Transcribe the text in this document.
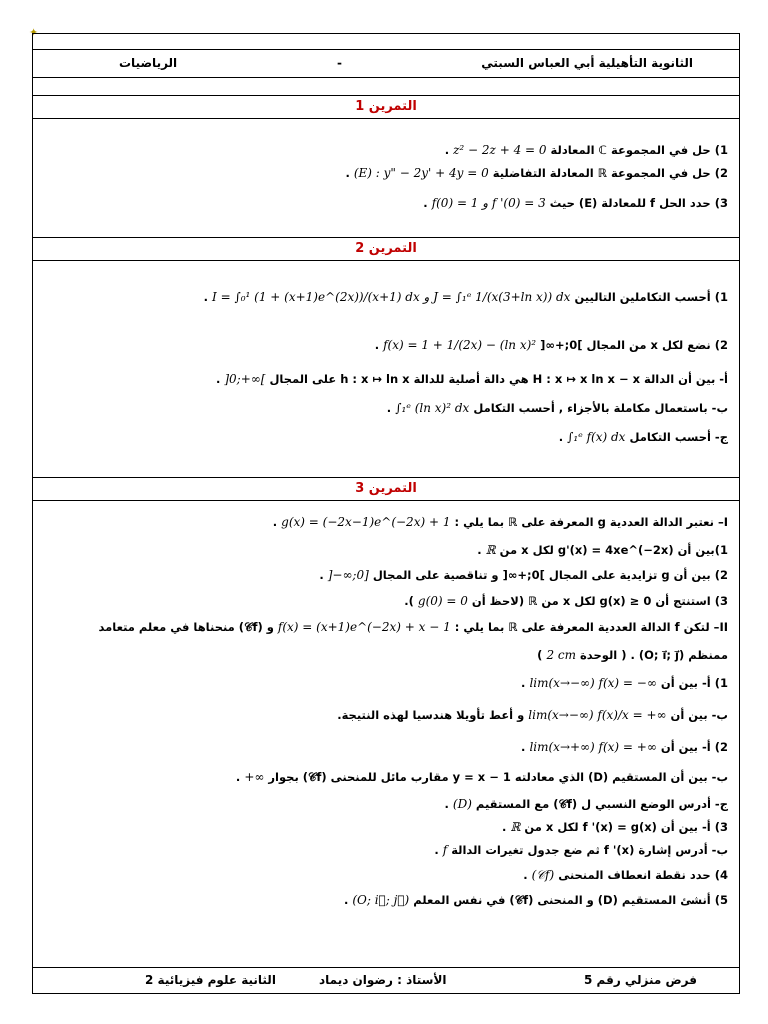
✦
الرياضيات	-	الثانوية التأهيلية أبي العباس السبتي
التمرين 1
1) حل في المجموعة ℂ المعادلة z² − 2z + 4 = 0 .
2) حل في المجموعة ℝ المعادلة التفاضلية (E) : y" − 2y' + 4y = 0 .
3) حدد الحل f للمعادلة (E) حيث f(0) = 1 و f '(0) = 3 .
التمرين 2
1) أحسب التكاملين التاليين I = ∫₀¹ (1 + (x+1)e^(2x))/(x+1) dx و J = ∫₁ᵉ 1/(x(3+ln x)) dx .
2) نضع لكل x من المجال ]0;+∞[ f(x) = 1 + 1/(2x) − (ln x)² .
أ- بين أن الدالة H : x ↦ x ln x − x هي دالة أصلية للدالة h : x ↦ ln x على المجال ]0;+∞[ .
ب- باستعمال مكاملة بالأجزاء , أحسب التكامل ∫₁ᵉ (ln x)² dx .
ج- أحسب التكامل ∫₁ᵉ f(x) dx .
التمرين 3
I– نعتبر الدالة العددية g المعرفة على ℝ بما يلي : g(x) = (−2x−1)e^(−2x) + 1 .
1)بين أن g'(x) = 4xe^(−2x) لكل x من ℝ .
2) بين أن g تزايدية على المجال ]0;+∞[ و تناقصية على المجال ]−∞;0] .
3) استنتج أن g(x) ≥ 0 لكل x من ℝ (لاحظ أن g(0) = 0 ).
II– لتكن f الدالة العددية المعرفة على ℝ بما يلي : f(x) = (x+1)e^(−2x) + x − 1 و (𝒞f) منحناها في معلم متعامد
ممنظم (O; i⃗; j⃗) . ( الوحدة 2 cm )
1) أ- بين أن lim(x→−∞) f(x) = −∞ .
ب- بين أن lim(x→−∞) f(x)/x = +∞ و أعط تأويلا هندسيا لهذه النتيجة.
2) أ- بين أن lim(x→+∞) f(x) = +∞ .
ب- بين أن المستقيم (D) الذي معادلته y = x − 1 مقارب مائل للمنحنى (𝒞f) بجوار +∞ .
ج- أدرس الوضع النسبي ل (𝒞f) مع المستقيم (D) .
3) أ- بين أن f '(x) = g(x) لكل x من ℝ .
ب- أدرس إشارة f '(x) ثم ضع جدول تغيرات الدالة f .
4) حدد نقطة انعطاف المنحنى (𝒞f) .
5) أنشئ المستقيم (D) و المنحنى (𝒞f) في نفس المعلم (O; i⃗; j⃗) .
الثانية علوم فيزيائية 2	الأستاذ : رضوان ديماد	فرض منزلي رقم 5
